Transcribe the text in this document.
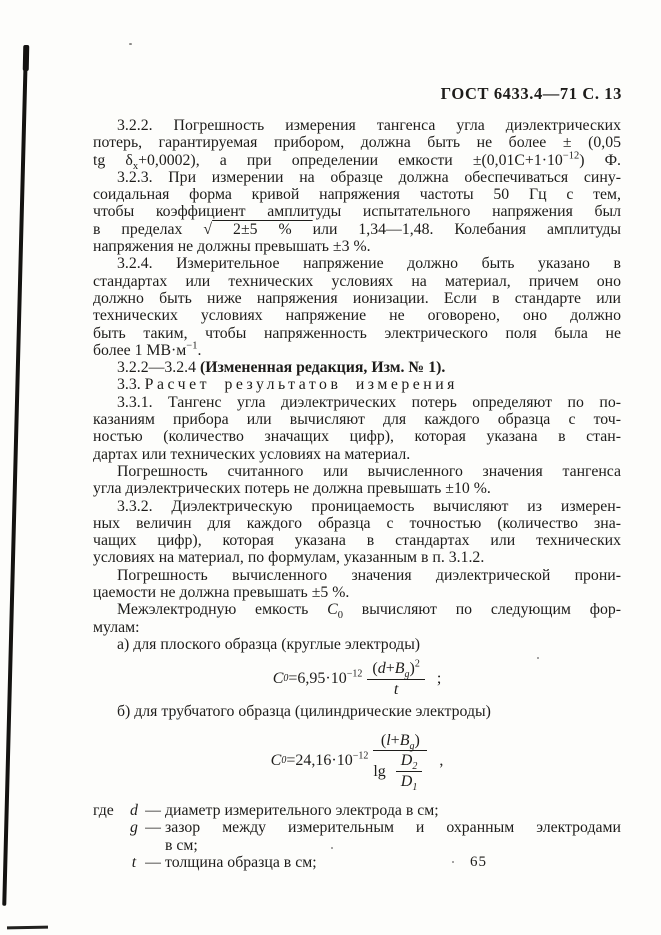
ГОСТ 6433.4—71 С. 13
3.2.2. Погрешность измерения тангенса угла диэлектрических
потерь, гарантируемая прибором, должна быть не более ± (0,05
tg $\delta_х+0,0002$), а при определении емкости $\pm(0,01С+1\cdot 10^{-12})$ Ф.
3.2.3. При измерении на образце должна обеспечиваться сину-
соидальная форма кривой напряжения частоты 50 Гц с тем,
чтобы коэффициент амплитуды испытательного напряжения был
в пределах √ 2±5 % или 1,34—1,48. Колебания амплитуды
напряжения не должны превышать ±3 %.
3.2.4. Измерительное напряжение должно быть указано в
стандартах или технических условиях на материал, причем оно
должно быть ниже напряжения ионизации. Если в стандарте или
технических условиях напряжение не оговорено, оно должно
быть таким, чтобы напряженность электрического поля была не
более 1 $МВ\cdot м^{-1}$.
3.2.2—3.2.4 (Измененная редакция, Изм. № 1).
3.3. Расчет результатов измерения
3.3.1. Тангенс угла диэлектрических потерь определяют по по-
казаниям прибора или вычисляют для каждого образца с точ-
ностью (количество значащих цифр), которая указана в стан-
дартах или технических условиях на материал.
Погрешность считанного или вычисленного значения тангенса
угла диэлектрических потерь не должна превышать ±10 %.
3.3.2. Диэлектрическую проницаемость вычисляют из измерен-
ных величин для каждого образца с точностью (количество зна-
чащих цифр), которая указана в стандартах или технических
условиях на материал, по формулам, указанным в п. 3.1.2.
Погрешность вычисленного значения диэлектрической прони-
цаемости не должна превышать ±5 %.
Межэлектродную емкость $С_0$ вычисляют по следующим фор-
мулам:
а) для плоского образца (круглые электроды)
C $0 = 6,95\cdot 10^{-12} \frac{(d+B_g)^2}{t}$ ;
б) для трубчатого образца (цилиндрические электроды)
C $0 = 24,16\cdot 10^{-12} \frac{(l+B_g)}{\lg \frac{D_2}{D_1}}$ ,
где	d — диаметр измерительного электрода в см;
g — зазор между измерительным и охранным электродами
в см;
t — толщина образца в см;	65
